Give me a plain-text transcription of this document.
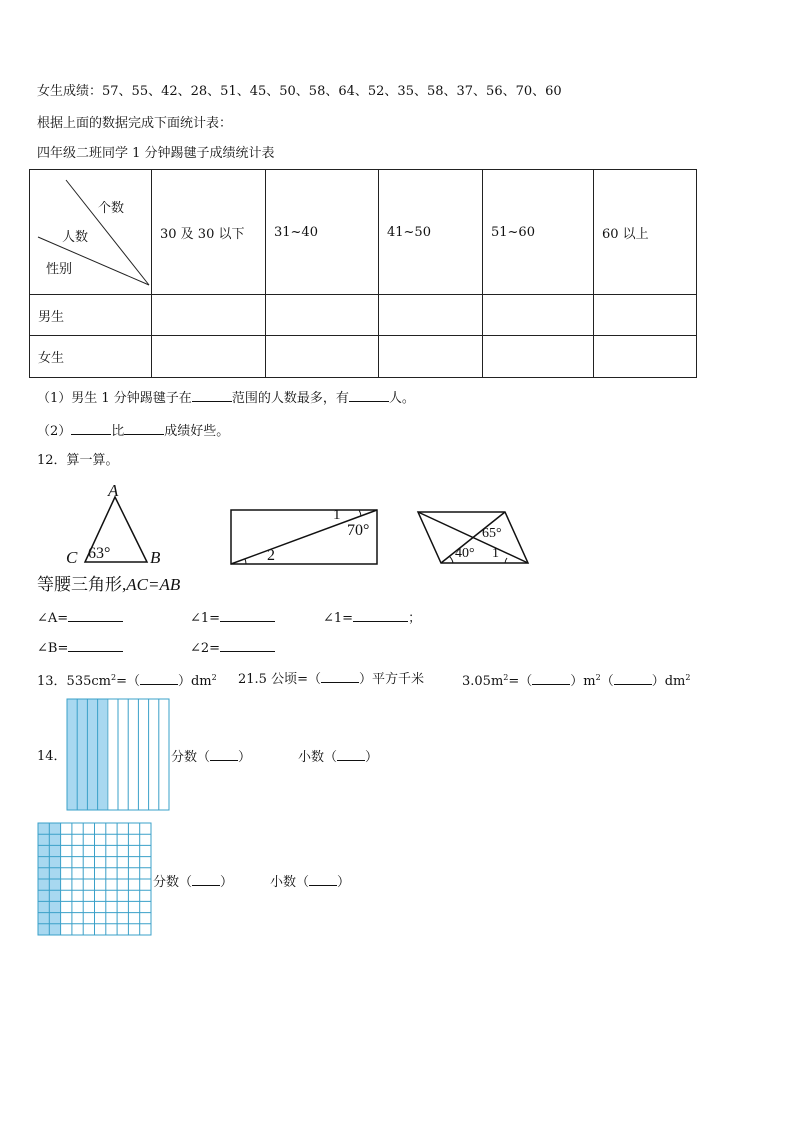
女生成绩：57、55、42、28、51、45、50、58、64、52、35、58、37、56、70、60
根据上面的数据完成下面统计表：
四年级二班同学 1 分钟踢毽子成绩统计表
个数
人数
性别	30 及 30 以下	31~40	41~50	51~60	60 以上
男生					
女生					
（1）男生 1 分钟踢毽子在	范围的人数最多，有	人。
（2）	比	成绩好些。
12．算一算。
A
C 63° B
1
70°
2
65°
40° 1
等腰三角形,AC=AB
∠A=	∠1=	∠1=	；
∠B=	∠2=
13．$535cm^2=$（	）$dm^2$ 21.5 公顷=（	）平方千米	$3.05m^2=$（	）$m^2$（	）$dm^2$
14．	分数（ ）	小数（ ）
分数（ ）	小数（ ）
